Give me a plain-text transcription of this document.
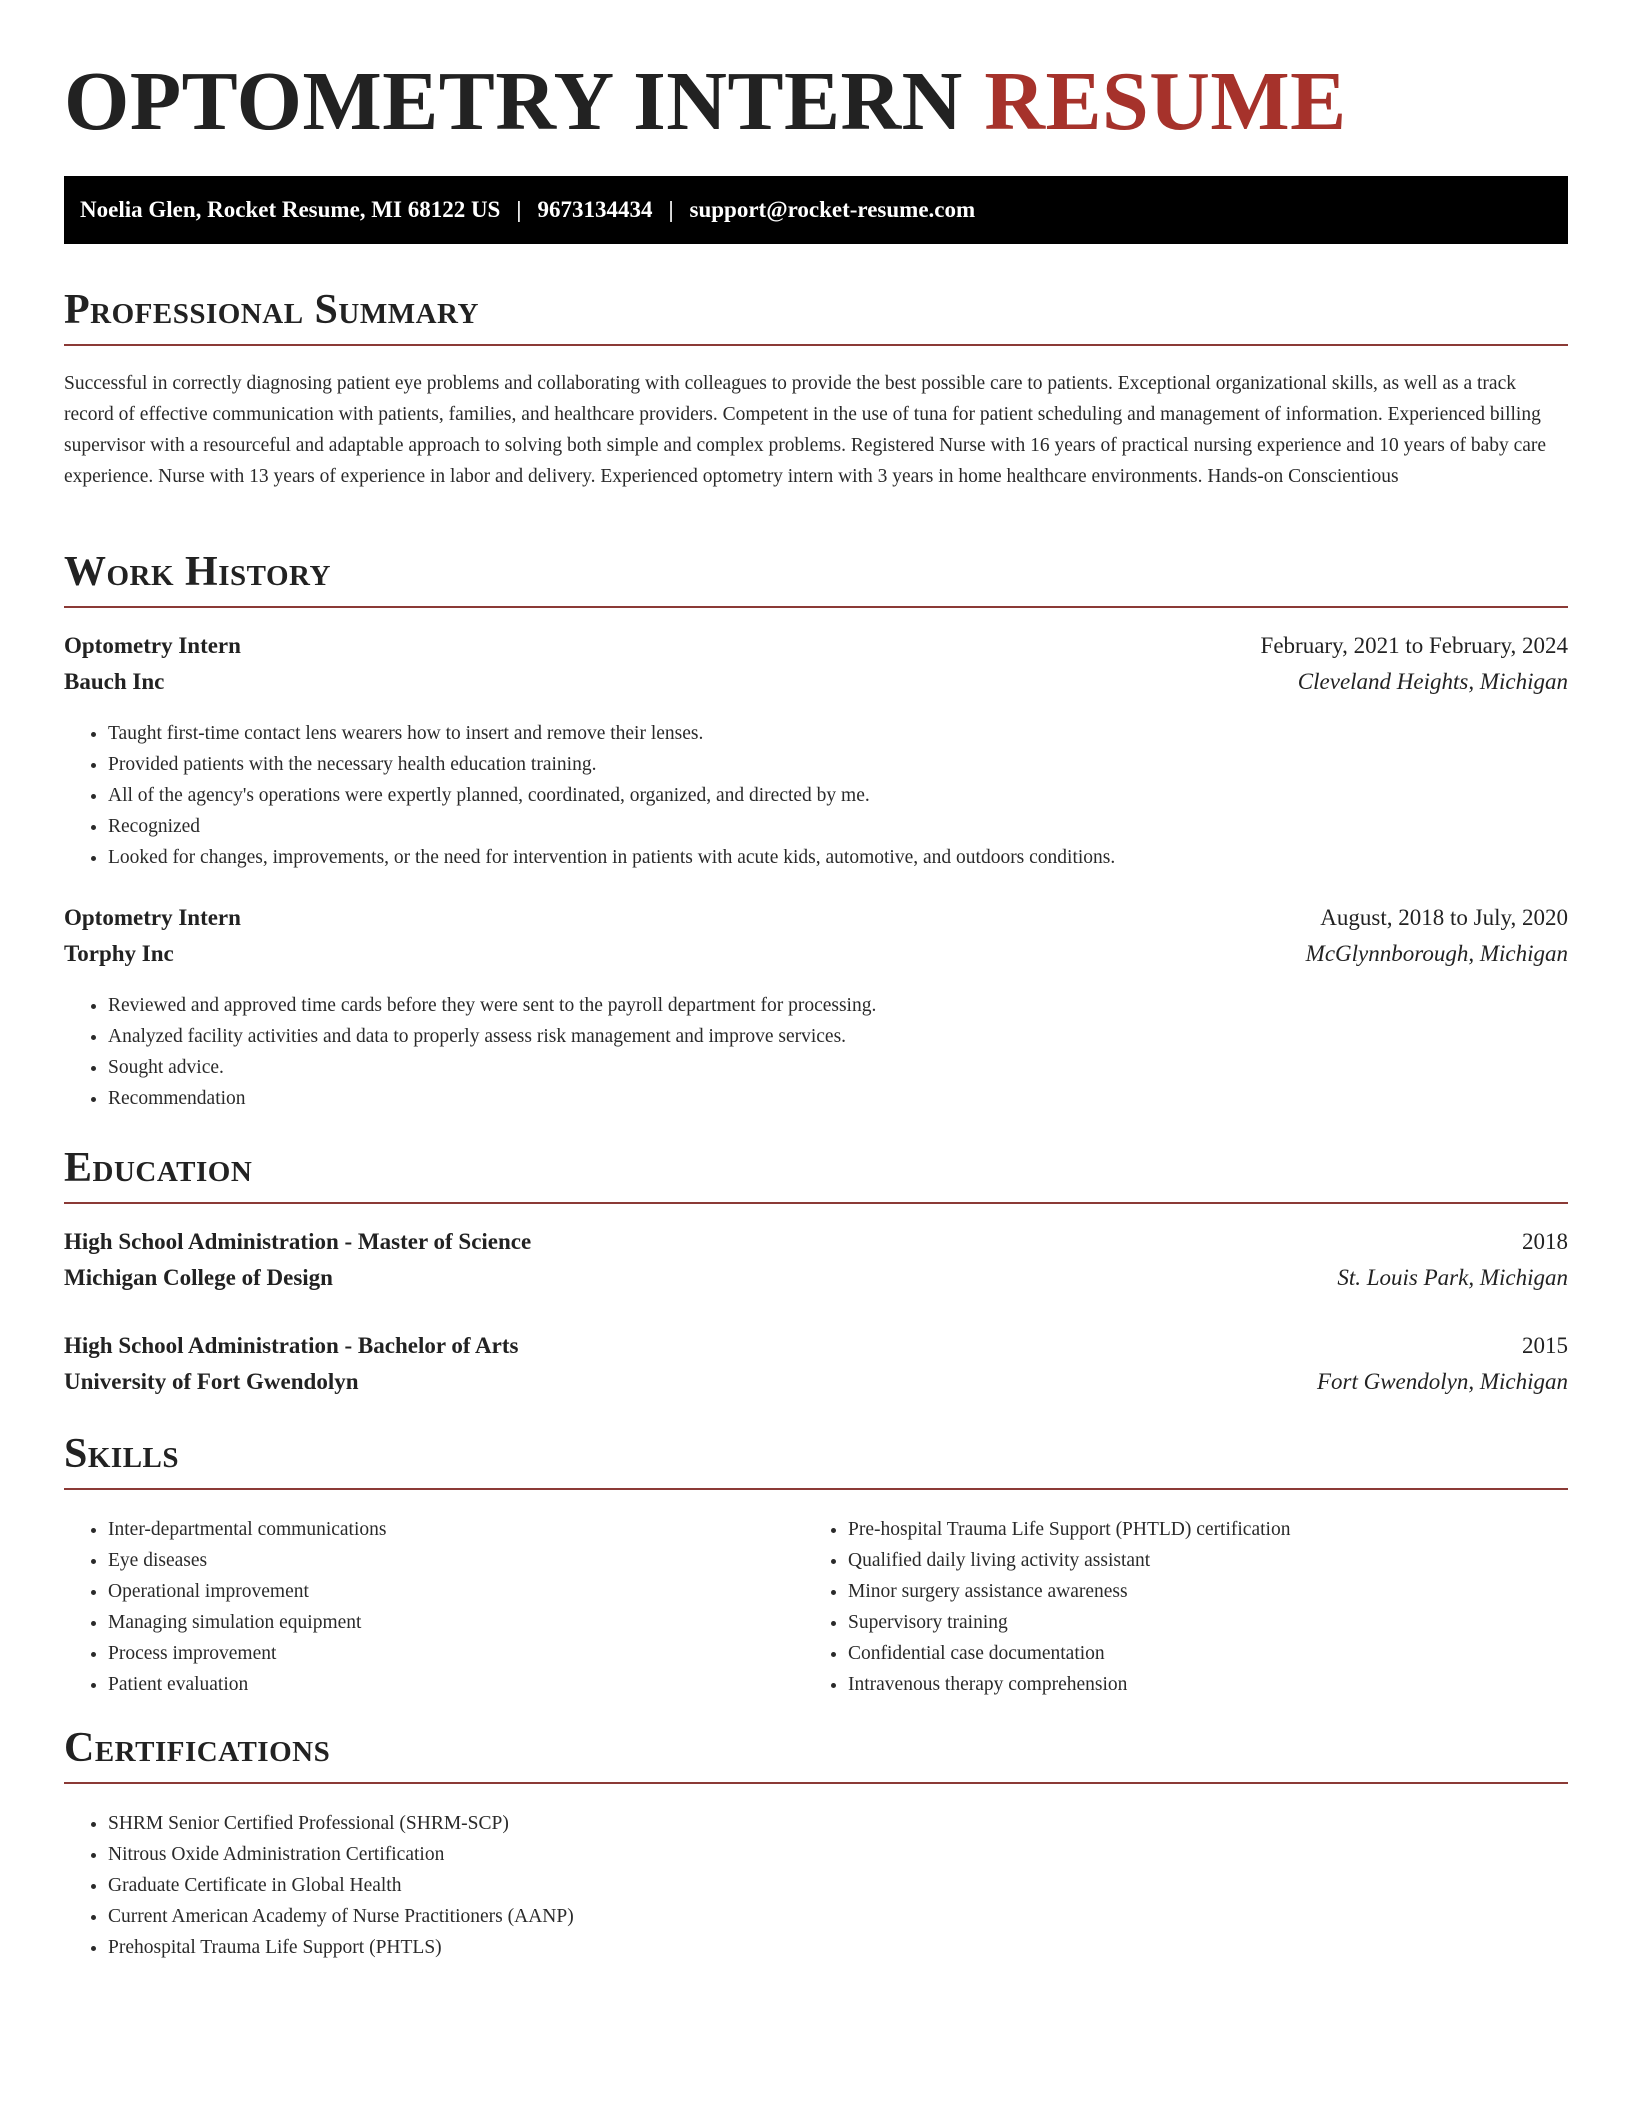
OPTOMETRY INTERN RESUME
Noelia Glen, Rocket Resume, MI 68122 US | 9673134434 | support@rocket-resume.com
Professional Summary

Successful in correctly diagnosing patient eye problems and collaborating with colleagues to provide the best possible care to patients. Exceptional organizational skills, as well as a track record of effective communication with patients, families, and healthcare providers. Competent in the use of tuna for patient scheduling and management of information. Experienced billing supervisor with a resourceful and adaptable approach to solving both simple and complex problems. Registered Nurse with 16 years of practical nursing experience and 10 years of baby care experience. Nurse with 13 years of experience in labor and delivery. Experienced optometry intern with 3 years in home healthcare environments. Hands-on Conscientious

Work History
Optometry Intern	February, 2021 to February, 2024
Bauch Inc	Cleveland Heights, Michigan
• Taught first-time contact lens wearers how to insert and remove their lenses.
• Provided patients with the necessary health education training.
• All of the agency's operations were expertly planned, coordinated, organized, and directed by me.
• Recognized
• Looked for changes, improvements, or the need for intervention in patients with acute kids, automotive, and outdoors conditions.
Optometry Intern	August, 2018 to July, 2020
Torphy Inc	McGlynnborough, Michigan
• Reviewed and approved time cards before they were sent to the payroll department for processing.
• Analyzed facility activities and data to properly assess risk management and improve services.
• Sought advice.
• Recommendation
Education
High School Administration - Master of Science	2018
Michigan College of Design	St. Louis Park, Michigan
High School Administration - Bachelor of Arts	2015
University of Fort Gwendolyn	Fort Gwendolyn, Michigan
Skills
• Inter-departmental communications
• Eye diseases
• Operational improvement
• Managing simulation equipment
• Process improvement
• Patient evaluation
• Pre-hospital Trauma Life Support (PHTLD) certification
• Qualified daily living activity assistant
• Minor surgery assistance awareness
• Supervisory training
• Confidential case documentation
• Intravenous therapy comprehension
Certifications
• SHRM Senior Certified Professional (SHRM-SCP)
• Nitrous Oxide Administration Certification
• Graduate Certificate in Global Health
• Current American Academy of Nurse Practitioners (AANP)
• Prehospital Trauma Life Support (PHTLS)
